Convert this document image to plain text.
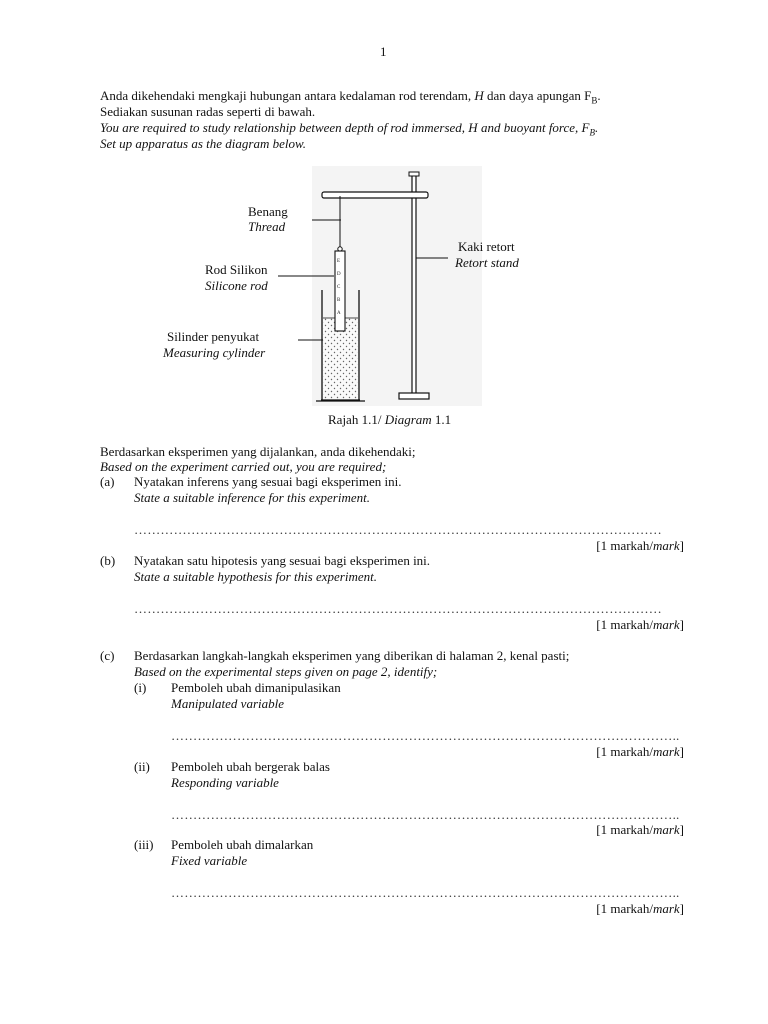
1
Anda dikehendaki mengkaji hubungan antara kedalaman rod terendam, H dan daya apungan $F_B$.
Sediakan susunan radas seperti di bawah.
You are required to study relationship between depth of rod immersed, H and buoyant force, $F_B$.
Set up apparatus as the diagram below.
E
D
C
B
A
Benang
Thread
Kaki retort
Retort stand
Rod Silikon
Silicone rod
Silinder penyukat
Measuring cylinder
Rajah 1.1/ Diagram 1.1
Berdasarkan eksperimen yang dijalankan, anda dikehendaki;
Based on the experiment carried out, you are required;
(a) Nyatakan inferens yang sesuai bagi eksperimen ini.
State a suitable inference for this experiment.
…………………………………………………………………………………………………………
[1 markah/mark]
(b) Nyatakan satu hipotesis yang sesuai bagi eksperimen ini.
State a suitable hypothesis for this experiment.
…………………………………………………………………………………………………………
[1 markah/mark]
(c) Berdasarkan langkah-langkah eksperimen yang diberikan di halaman 2, kenal pasti;
Based on the experimental steps given on page 2, identify;
(i) Pemboleh ubah dimanipulasikan
Manipulated variable
……………………………………………………………………………………………………..
[1 markah/mark]
(ii) Pemboleh ubah bergerak balas
Responding variable
……………………………………………………………………………………………………..
[1 markah/mark]
(iii) Pemboleh ubah dimalarkan
Fixed variable
……………………………………………………………………………………………………..
[1 markah/mark]
